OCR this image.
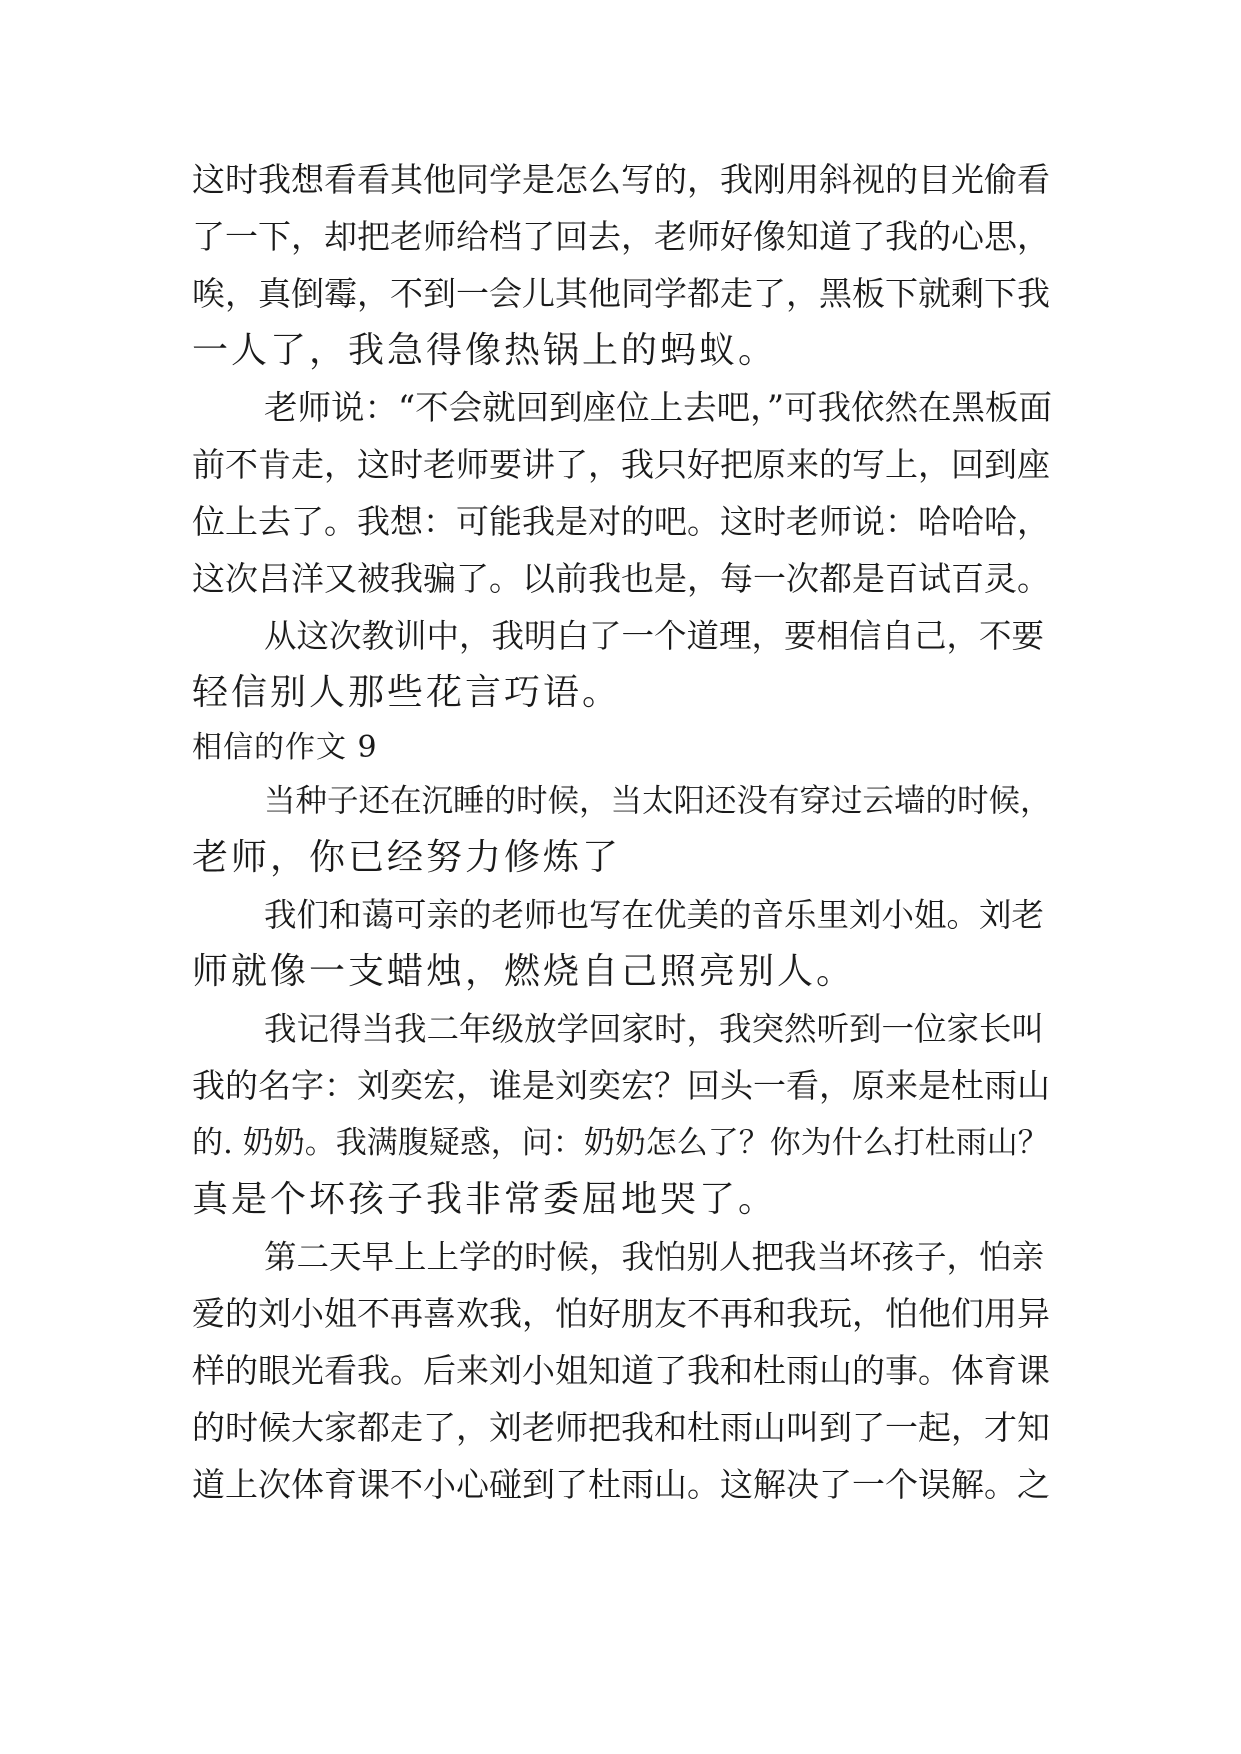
这时我想看看其他同学是怎么写的，我刚用斜视的目光偷看
了一下，却把老师给档了回去，老师好像知道了我的心思，
唉，真倒霉，不到一会儿其他同学都走了，黑板下就剩下我
一人了，我急得像热锅上的蚂蚁。
老师说：“不会就回到座位上去吧，”可我依然在黑板面
前不肯走，这时老师要讲了，我只好把原来的写上，回到座
位上去了。我想：可能我是对的吧。这时老师说：哈哈哈，
这次吕洋又被我骗了。以前我也是，每一次都是百试百灵。
从这次教训中，我明白了一个道理，要相信自己，不要
轻信别人那些花言巧语。
相信的作文 9
当种子还在沉睡的时候，当太阳还没有穿过云墙的时候，
老师，你已经努力修炼了
我们和蔼可亲的老师也写在优美的音乐里刘小姐。刘老
师就像一支蜡烛，燃烧自己照亮别人。
我记得当我二年级放学回家时，我突然听到一位家长叫
我的名字：刘奕宏，谁是刘奕宏？回头一看，原来是杜雨山
的. 奶奶。我满腹疑惑，问：奶奶怎么了？你为什么打杜雨山？
真是个坏孩子我非常委屈地哭了。
第二天早上上学的时候，我怕别人把我当坏孩子，怕亲
爱的刘小姐不再喜欢我，怕好朋友不再和我玩，怕他们用异
样的眼光看我。后来刘小姐知道了我和杜雨山的事。体育课
的时候大家都走了，刘老师把我和杜雨山叫到了一起，才知
道上次体育课不小心碰到了杜雨山。这解决了一个误解。之
